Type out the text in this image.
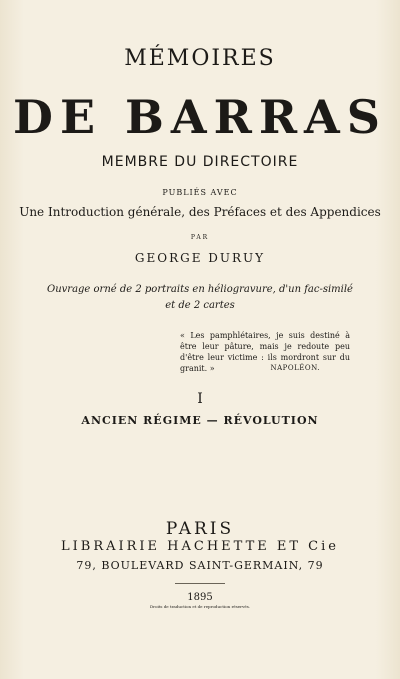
MÉMOIRES
DE BARRAS
MEMBRE DU DIRECTOIRE
PUBLIÉS AVEC
Une Introduction générale, des Préfaces et des Appendices
PAR
GEORGE DURUY
Ouvrage orné de 2 portraits en héliogravure, d'un fac-similé
et de 2 cartes
« Les pamphlétaires, je suis destiné à être leur pâture, mais je redoute peu d'être leur victime : ils mordront sur du granit. »	NAPOLÉON.
I
ANCIEN RÉGIME — RÉVOLUTION
PARIS
LIBRAIRIE HACHETTE ET Cie
79, BOULEVARD SAINT-GERMAIN, 79
1895
Droits de traduction et de reproduction réservés.
